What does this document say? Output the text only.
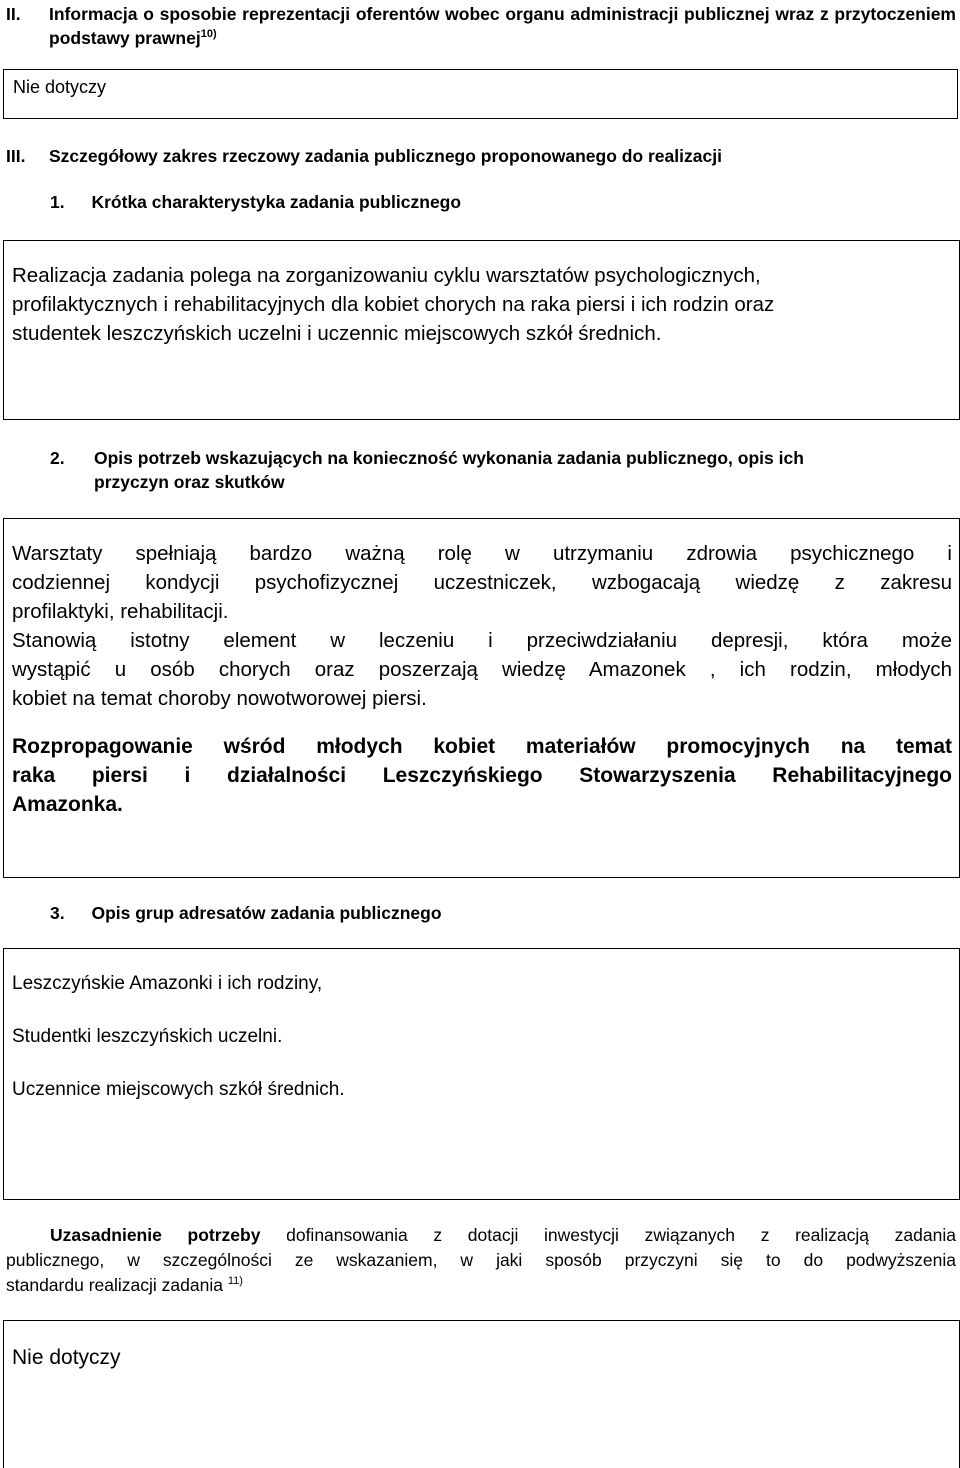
II. Informacja o sposobie reprezentacji oferentów wobec organu administracji publicznej wraz z przytoczeniem podstawy prawnej$^{10)}$
Nie dotyczy
III. Szczegółowy zakres rzeczowy zadania publicznego proponowanego do realizacji
1. Krótka charakterystyka zadania publicznego
Realizacja zadania polega na zorganizowaniu cyklu warsztatów psychologicznych,
profilaktycznych i rehabilitacyjnych dla kobiet chorych na raka piersi i ich rodzin oraz
studentek leszczyńskich uczelni i uczennic miejscowych szkół średnich.
2. Opis potrzeb wskazujących na konieczność wykonania zadania publicznego, opis ich
przyczyn oraz skutków
Warsztaty spełniają bardzo ważną rolę w utrzymaniu zdrowia psychicznego i
codziennej kondycji psychofizycznej uczestniczek, wzbogacają wiedzę z zakresu
profilaktyki, rehabilitacji.
Stanowią istotny element w leczeniu i przeciwdziałaniu depresji, która może
wystąpić u osób chorych oraz poszerzają wiedzę Amazonek , ich rodzin, młodych
kobiet na temat choroby nowotworowej piersi.
Rozpropagowanie wśród młodych kobiet materiałów promocyjnych na temat
raka piersi i działalności Leszczyńskiego Stowarzyszenia Rehabilitacyjnego
Amazonka.
3. Opis grup adresatów zadania publicznego
Leszczyńskie Amazonki i ich rodziny,
Studentki leszczyńskich uczelni.
Uczennice miejscowych szkół średnich.
Uzasadnienie potrzeby dofinansowania z dotacji inwestycji związanych z realizacją zadania
publicznego, w szczególności ze wskazaniem, w jaki sposób przyczyni się to do podwyższenia
standardu realizacji zadania $^{11)}$
Nie dotyczy
